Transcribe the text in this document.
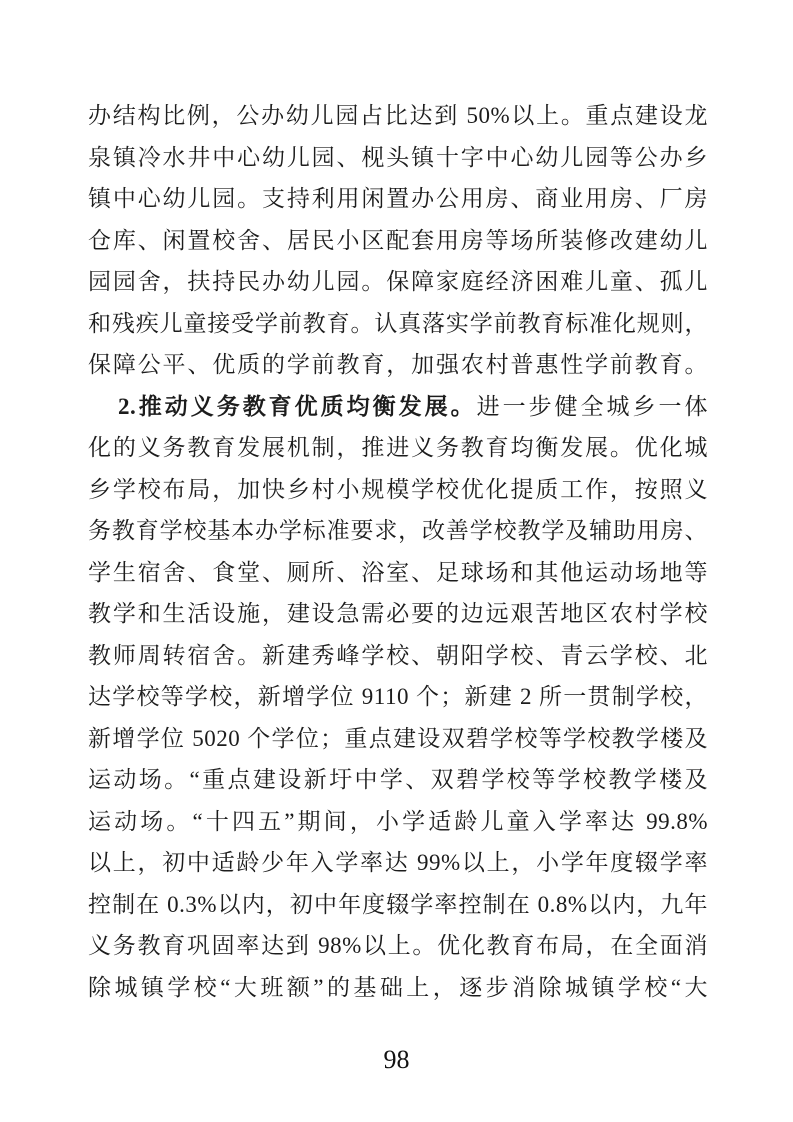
办结构比例，公办幼儿园占比达到 50%以上。重点建设龙
泉镇冷水井中心幼儿园、枧头镇十字中心幼儿园等公办乡
镇中心幼儿园。支持利用闲置办公用房、商业用房、厂房
仓库、闲置校舍、居民小区配套用房等场所装修改建幼儿
园园舍，扶持民办幼儿园。保障家庭经济困难儿童、孤儿
和残疾儿童接受学前教育。认真落实学前教育标准化规则，
保障公平、优质的学前教育，加强农村普惠性学前教育。
2.推动义务教育优质均衡发展。进一步健全城乡一体
化的义务教育发展机制，推进义务教育均衡发展。优化城
乡学校布局，加快乡村小规模学校优化提质工作，按照义
务教育学校基本办学标准要求，改善学校教学及辅助用房、
学生宿舍、食堂、厕所、浴室、足球场和其他运动场地等
教学和生活设施，建设急需必要的边远艰苦地区农村学校
教师周转宿舍。新建秀峰学校、朝阳学校、青云学校、北
达学校等学校，新增学位 9110 个；新建 2 所一贯制学校，
新增学位 5020 个学位；重点建设双碧学校等学校教学楼及
运动场。“重点建设新圩中学、双碧学校等学校教学楼及
运动场。“十四五”期间，小学适龄儿童入学率达 99.8%
以上，初中适龄少年入学率达 99%以上，小学年度辍学率
控制在 0.3%以内，初中年度辍学率控制在 0.8%以内，九年
义务教育巩固率达到 98%以上。优化教育布局，在全面消
除城镇学校“大班额”的基础上，逐步消除城镇学校“大
98
